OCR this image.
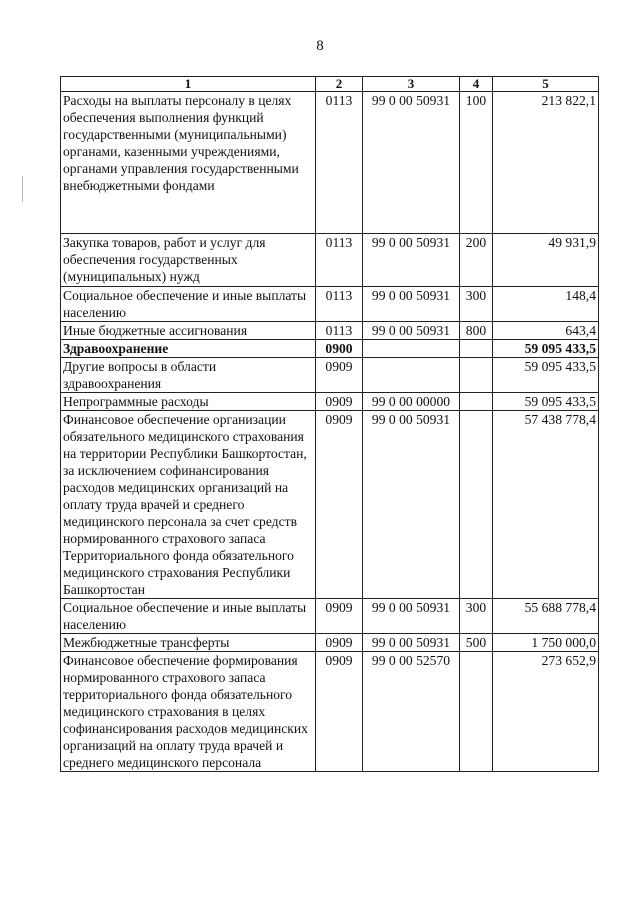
8
1	2	3	4	5
Расходы на выплаты персоналу в целях обеспечения выполнения функций государственными (муниципальными) органами, казенными учреждениями, органами управления государственными внебюджетными фондами	0113	99 0 00 50931	100	213 822,1
Закупка товаров, работ и услуг для обеспечения государственных (муниципальных) нужд	0113	99 0 00 50931	200	49 931,9
Социальное обеспечение и иные выплаты населению	0113	99 0 00 50931	300	148,4
Иные бюджетные ассигнования	0113	99 0 00 50931	800	643,4
Здравоохранение	0900			59 095 433,5
Другие вопросы в области здравоохранения	0909			59 095 433,5
Непрограммные расходы	0909	99 0 00 00000		59 095 433,5
Финансовое обеспечение организации обязательного медицинского страхования на территории Республики Башкортостан, за исключением софинансирования расходов медицинских организаций на оплату труда врачей и среднего медицинского персонала за счет средств нормированного страхового запаса Территориального фонда обязательного медицинского страхования Республики Башкортостан	0909	99 0 00 50931		57 438 778,4
Социальное обеспечение и иные выплаты населению	0909	99 0 00 50931	300	55 688 778,4
Межбюджетные трансферты	0909	99 0 00 50931	500	1 750 000,0
Финансовое обеспечение формирования нормированного страхового запаса территориального фонда обязательного медицинского страхования в целях софинансирования расходов медицинских организаций на оплату труда врачей и среднего медицинского персонала	0909	99 0 00 52570		273 652,9
